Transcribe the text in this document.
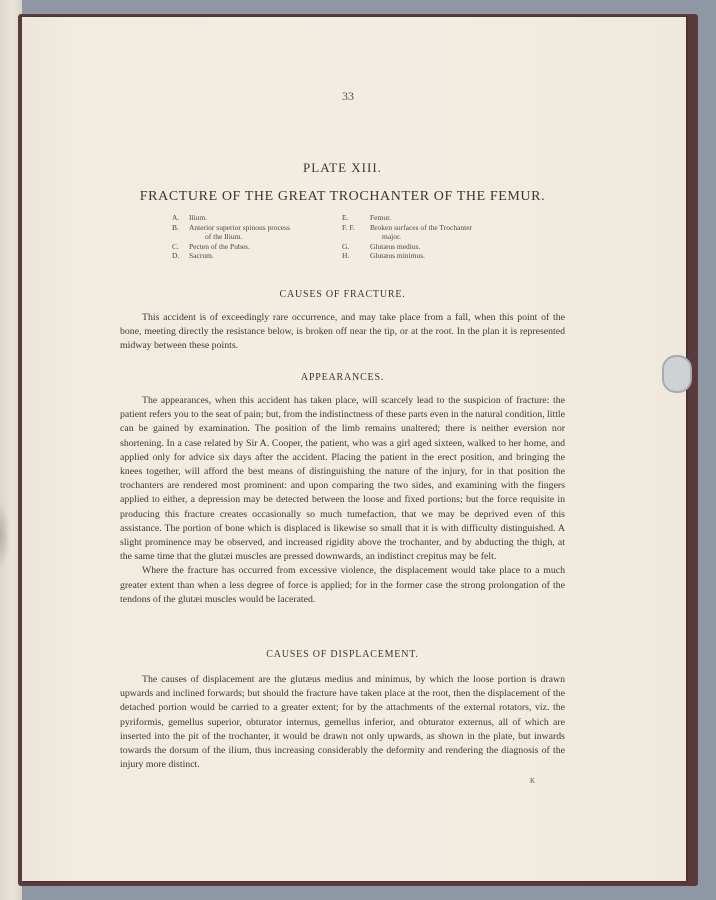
33
PLATE XIII.
FRACTURE OF THE GREAT TROCHANTER OF THE FEMUR.
CAUSES OF FRACTURE.

This accident is of exceedingly rare occurrence, and may take place from a fall, when this point of the bone, meeting directly the resistance below, is broken off near the tip, or at the root. In the plan it is represented midway between these points.

APPEARANCES.

The appearances, when this accident has taken place, will scarcely lead to the suspicion of fracture: the patient refers you to the seat of pain; but, from the indistinctness of these parts even in the natural condition, little can be gained by examination. The position of the limb remains unaltered; there is neither eversion nor shortening. In a case related by Sir A. Cooper, the patient, who was a girl aged sixteen, walked to her home, and applied only for advice six days after the accident. Placing the patient in the erect position, and bringing the knees together, will afford the best means of distinguishing the nature of the injury, for in that position the trochanters are rendered most prominent: and upon comparing the two sides, and examining with the fingers applied to either, a depression may be detected between the loose and fixed portions; but the force requisite in producing this fracture creates occasionally so much tumefaction, that we may be deprived even of this assistance. The portion of bone which is displaced is likewise so small that it is with difficulty distinguished. A slight prominence may be observed, and increased rigidity above the trochanter, and by abducting the thigh, at the same time that the glutæi muscles are pressed downwards, an indistinct crepitus may be felt.

Where the fracture has occurred from excessive violence, the displacement would take place to a much greater extent than when a less degree of force is applied; for in the former case the strong prolongation of the tendons of the glutæi muscles would be lacerated.

CAUSES OF DISPLACEMENT.

The causes of displacement are the glutæus medius and minimus, by which the loose portion is drawn upwards and inclined forwards; but should the fracture have taken place at the root, then the displacement of the detached portion would be carried to a greater extent; for by the attachments of the external rotators, viz. the pyriformis, gemellus superior, obturator internus, gemellus inferior, and obturator externus, all of which are inserted into the pit of the trochanter, it would be drawn not only upwards, as shown in the plate, but inwards towards the dorsum of the ilium, thus increasing considerably the deformity and rendering the diagnosis of the injury more distinct.

A.	Ilium.
B.	Anterior superior spinous process
of the Ilium.
C.	Pecten of the Pubes.
D.	Sacrum.
E.	Femur.
F. F.	Broken surfaces of the Trochanter
major.
G.	Glutæus medius.
H.	Glutæus minimus.
K
